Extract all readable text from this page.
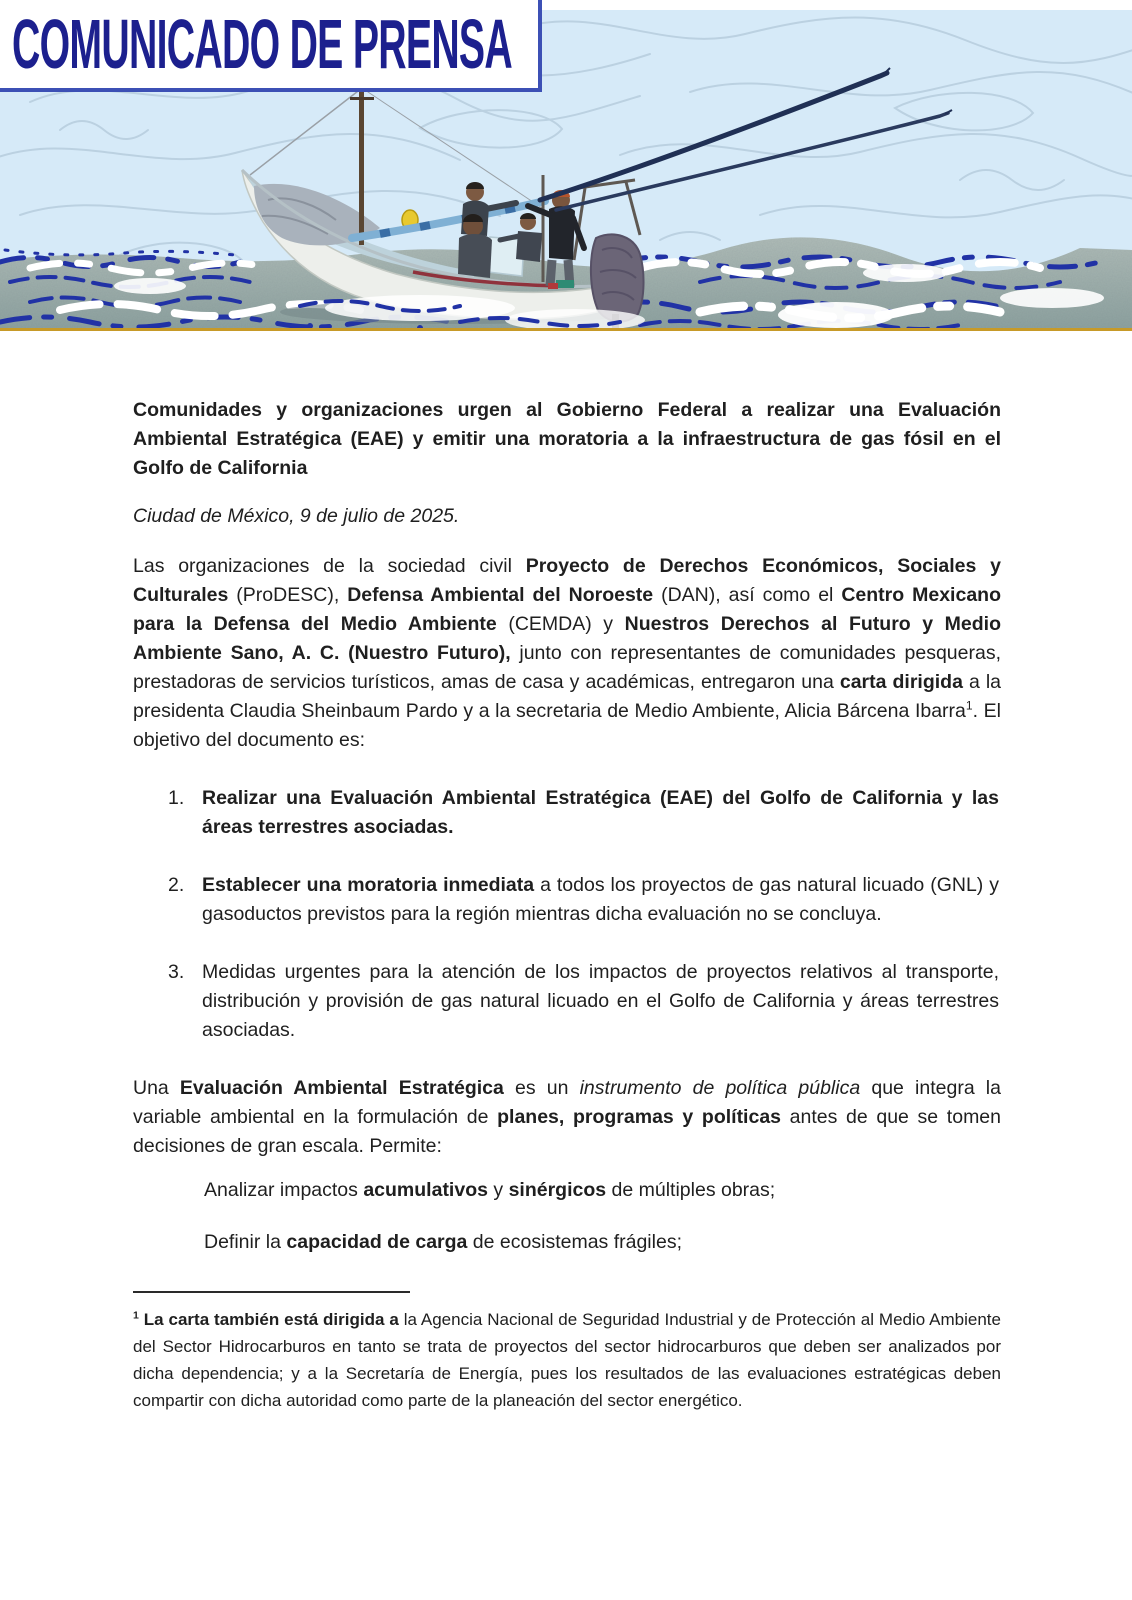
COMUNICADO DE PRENSA

Comunidades y organizaciones urgen al Gobierno Federal a realizar una Evaluación Ambiental Estratégica (EAE) y emitir una moratoria a la infraestructura de gas fósil en el Golfo de California

Ciudad de México, 9 de julio de 2025.

Las organizaciones de la sociedad civil Proyecto de Derechos Económicos, Sociales y Culturales (ProDESC), Defensa Ambiental del Noroeste (DAN), así como el Centro Mexicano para la Defensa del Medio Ambiente (CEMDA) y Nuestros Derechos al Futuro y Medio Ambiente Sano, A. C. (Nuestro Futuro), junto con representantes de comunidades pesqueras, prestadoras de servicios turísticos, amas de casa y académicas, entregaron una carta dirigida a la presidenta Claudia Sheinbaum Pardo y a la secretaria de Medio Ambiente, Alicia Bárcena Ibarra$^1$. El objetivo del documento es:

1. Realizar una Evaluación Ambiental Estratégica (EAE) del Golfo de California y las áreas terrestres asociadas.
2. Establecer una moratoria inmediata a todos los proyectos de gas natural licuado (GNL) y gasoductos previstos para la región mientras dicha evaluación no se concluya.
3. Medidas urgentes para la atención de los impactos de proyectos relativos al transporte, distribución y provisión de gas natural licuado en el Golfo de California y áreas terrestres asociadas.

Una Evaluación Ambiental Estratégica es un instrumento de política pública que integra la variable ambiental en la formulación de planes, programas y políticas antes de que se tomen decisiones de gran escala. Permite:

Analizar impactos acumulativos y sinérgicos de múltiples obras;
Definir la capacidad de carga de ecosistemas frágiles;

$^1$ La carta también está dirigida a la Agencia Nacional de Seguridad Industrial y de Protección al Medio Ambiente del Sector Hidrocarburos en tanto se trata de proyectos del sector hidrocarburos que deben ser analizados por dicha dependencia; y a la Secretaría de Energía, pues los resultados de las evaluaciones estratégicas deben compartir con dicha autoridad como parte de la planeación del sector energético.
